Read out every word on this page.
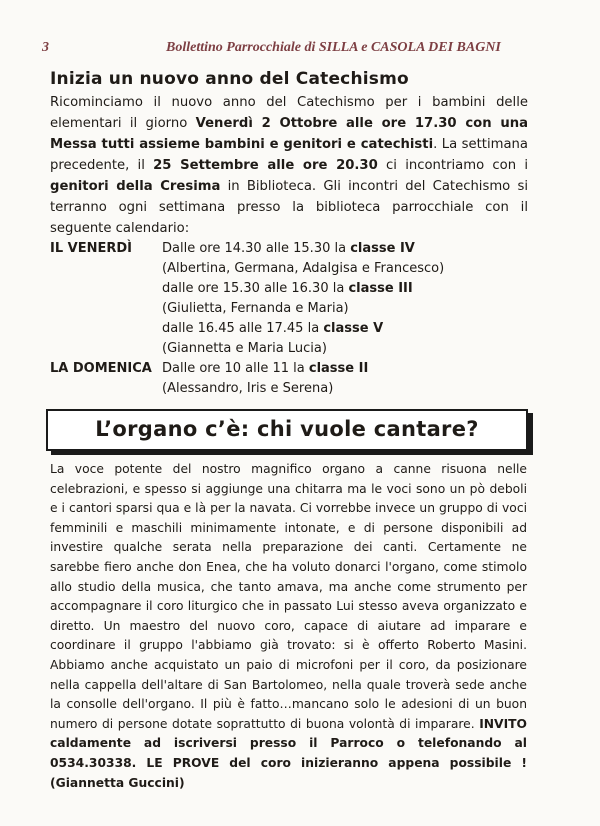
3	Bollettino Parrocchiale di SILLA e CASOLA DEI BAGNI
Inizia un nuovo anno del Catechismo
Ricominciamo il nuovo anno del Catechismo per i bambini delle elementari il giorno Venerdì 2 Ottobre alle ore 17.30 con una Messa tutti assieme bambini e genitori e catechisti. La settimana precedente, il 25 Settembre alle ore 20.30 ci incontriamo con i genitori della Cresima in Biblioteca. Gli incontri del Catechismo si terranno ogni settimana presso la biblioteca parrocchiale con il seguente calendario:
IL VENERDÌ Dalle ore 14.30 alle 15.30 la classe IV
(Albertina, Germana, Adalgisa e Francesco)
dalle ore 15.30 alle 16.30 la classe III
(Giulietta, Fernanda e Maria)
dalle 16.45 alle 17.45 la classe V
(Giannetta e Maria Lucia)
LA DOMENICA Dalle ore 10 alle 11 la classe II
(Alessandro, Iris e Serena)
L’organo c’è: chi vuole cantare?
La voce potente del nostro magnifico organo a canne risuona nelle celebrazioni, e spesso si aggiunge una chitarra ma le voci sono un pò deboli e i cantori sparsi qua e là per la navata. Ci vorrebbe invece un gruppo di voci femminili e maschili minimamente intonate, e di persone disponibili ad investire qualche serata nella preparazione dei canti. Certamente ne sarebbe fiero anche don Enea, che ha voluto donarci l'organo, come stimolo allo studio della musica, che tanto amava, ma anche come strumento per accompagnare il coro liturgico che in passato Lui stesso aveva organizzato e diretto. Un maestro del nuovo coro, capace di aiutare ad imparare e coordinare il gruppo l'abbiamo già trovato: si è offerto Roberto Masini. Abbiamo anche acquistato un paio di microfoni per il coro, da posizionare nella cappella dell'altare di San Bartolomeo, nella quale troverà sede anche la consolle dell'organo. Il più è fatto…mancano solo le adesioni di un buon numero di persone dotate soprattutto di buona volontà di imparare. INVITO caldamente ad iscriversi presso il Parroco o telefonando al 0534.30338. LE PROVE del coro inizieranno appena possibile ! (Giannetta Guccini)
